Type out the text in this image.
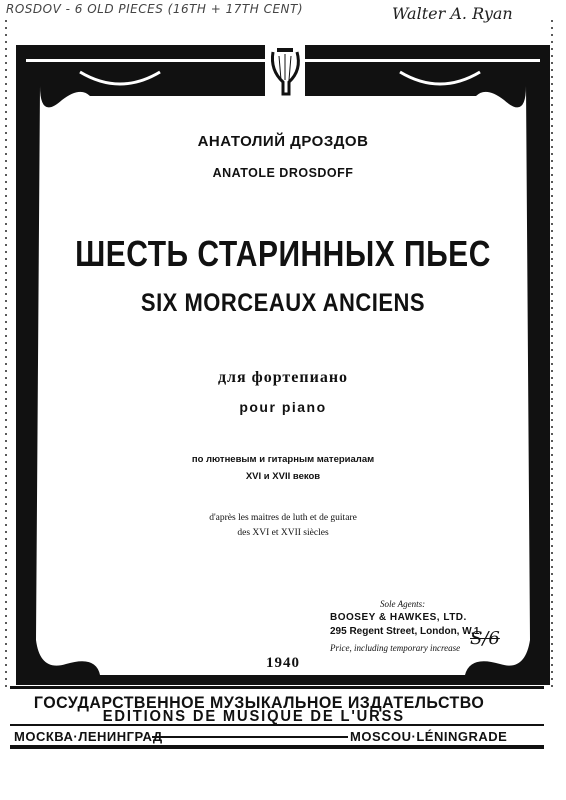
ROSDOV - 6 OLD PIECES (16TH + 17TH CENT)	Walter A. Ryan
АНАТОЛИЙ ДРОЗДОВ
ANATOLE DROSDOFF
ШЕСТЬ СТАРИННЫХ ПЬЕС
SIX MORCEAUX ANCIENS
для фортепиано
pour piano
по лютневым и гитарным материалам
XVI и XVII веков
d'après les maitres de luth et de guitare
des XVI et XVII siècles
Sole Agents:
BOOSEY & HAWKES, LTD.
295 Regent Street, London, W.1.
Price, including temporary increase S/6
1940
ГОСУДАРСТВЕННОЕ МУЗЫКАЛЬНОЕ ИЗДАТЕЛЬСТВО
EDITIONS DE MUSIQUE DE L'URSS
МОСКВА·ЛЕНИНГРАД	MOSCOU·LÉNINGRADE
